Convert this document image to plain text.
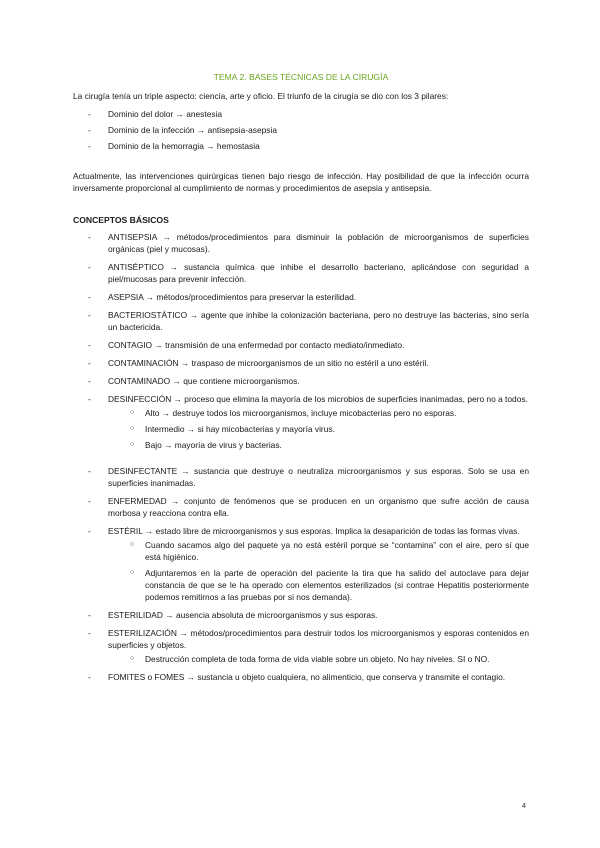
TEMA 2. BASES TÉCNICAS DE LA CIRUGÍA

La cirugía tenía un triple aspecto: ciencia, arte y oficio. El triunfo de la cirugía se dio con los 3 pilares:

- Dominio del dolor → anestesia
- Dominio de la infección → antisepsia-asepsia
- Dominio de la hemorragia → hemostasia

Actualmente, las intervenciones quirúrgicas tienen bajo riesgo de infección. Hay posibilidad de que la infección ocurra inversamente proporcional al cumplimiento de normas y procedimientos de asepsia y antisepsia.

CONCEPTOS BÁSICOS
- ANTISEPSIA → métodos/procedimientos para disminuir la población de microorganismos de superficies orgánicas (piel y mucosas).
- ANTISÉPTICO → sustancia química que inhibe el desarrollo bacteriano, aplicándose con seguridad a piel/mucosas para prevenir infección.
- ASEPSIA → métodos/procedimientos para preservar la esterilidad.
- BACTERIOSTÁTICO → agente que inhibe la colonización bacteriana, pero no destruye las bacterias, sino sería un bactericida.
- CONTAGIO → transmisión de una enfermedad por contacto mediato/inmediato.
- CONTAMINACIÓN → traspaso de microorganismos de un sitio no estéril a uno estéril.
- CONTAMINADO → que contiene microorganismos.
- DESINFECCIÓN → proceso que elimina la mayoría de los microbios de superficies inanimadas, pero no a todos.
○ Alto → destruye todos los microorganismos, incluye micobacterias pero no esporas.
○ Intermedio → si hay micobacterias y mayoría virus.
○ Bajo → mayoría de virus y bacterias.
- DESINFECTANTE → sustancia que destruye o neutraliza microorganismos y sus esporas. Solo se usa en superficies inanimadas.
- ENFERMEDAD → conjunto de fenómenos que se producen en un organismo que sufre acción de causa morbosa y reacciona contra ella.
- ESTÉRIL → estado libre de microorganismos y sus esporas. Implica la desaparición de todas las formas vivas.
○ Cuando sacamos algo del paquete ya no está estéril porque se “contamina” con el aire, pero sí que está higiénico.
○ Adjuntaremos en la parte de operación del paciente la tira que ha salido del autoclave para dejar constancia de que se le ha operado con elementos esterilizados (si contrae Hepatitis posteriormente podemos remitirnos a las pruebas por si nos demanda).
- ESTERILIDAD → ausencia absoluta de microorganismos y sus esporas.
- ESTERILIZACIÓN → métodos/procedimientos para destruir todos los microorganismos y esporas contenidos en superficies y objetos.
○ Destrucción completa de toda forma de vida viable sobre un objeto. No hay niveles. SI o NO.
- FOMITES o FOMES → sustancia u objeto cualquiera, no alimenticio, que conserva y transmite el contagio.
4
